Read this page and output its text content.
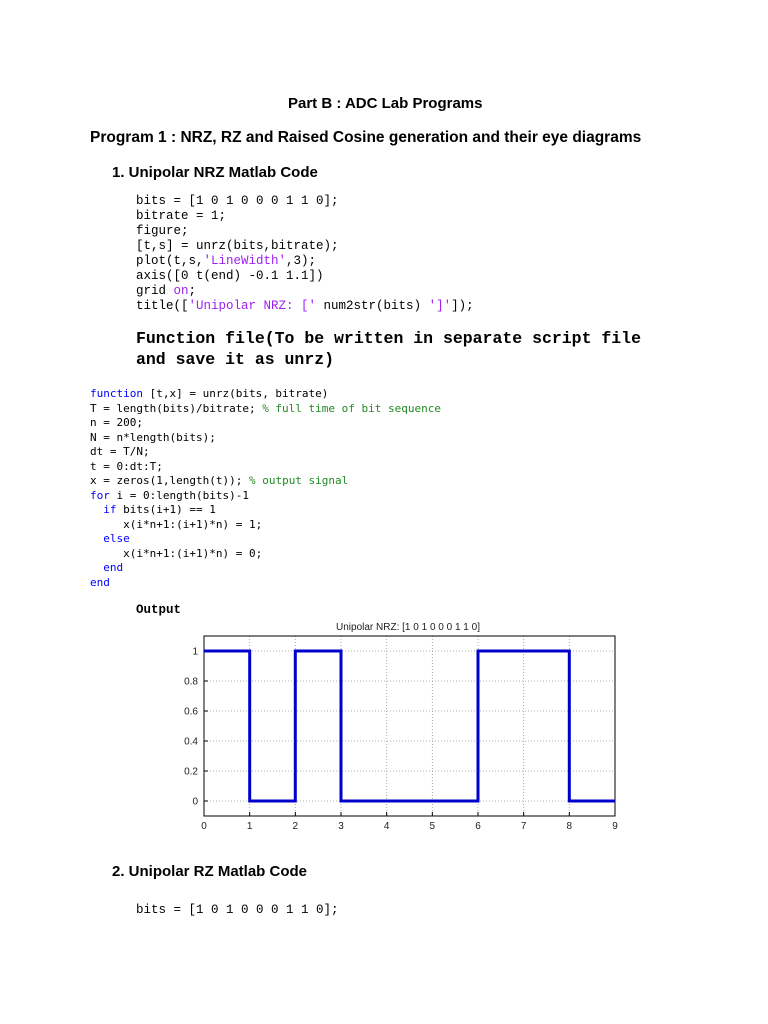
Part B : ADC Lab Programs
Program 1 : NRZ, RZ and Raised Cosine generation and their eye diagrams
1. Unipolar NRZ Matlab Code
bits = [1 0 1 0 0 0 1 1 0];
bitrate = 1;
figure;
[t,s] = unrz(bits,bitrate);
plot(t,s,'LineWidth',3);
axis([0 t(end) -0.1 1.1])
grid on;
title(['Unipolar NRZ: [' num2str(bits) ']']);
Function file(To be written in separate script file
and save it as unrz)
function [t,x] = unrz(bits, bitrate)
T = length(bits)/bitrate; % full time of bit sequence
n = 200;
N = n*length(bits);
dt = T/N;
t = 0:dt:T;
x = zeros(1,length(t)); % output signal
for i = 0:length(bits)-1
if bits(i+1) == 1
x(i*n+1:(i+1)*n) = 1;
else
x(i*n+1:(i+1)*n) = 0;
end
end
Output
Unipolar NRZ: [1 0 1 0 0 0 1 1 0]
0	1	2	3	4	5	6	7	8	9
0
0.2
0.4
0.6
0.8
1
2. Unipolar RZ Matlab Code
bits = [1 0 1 0 0 0 1 1 0];
